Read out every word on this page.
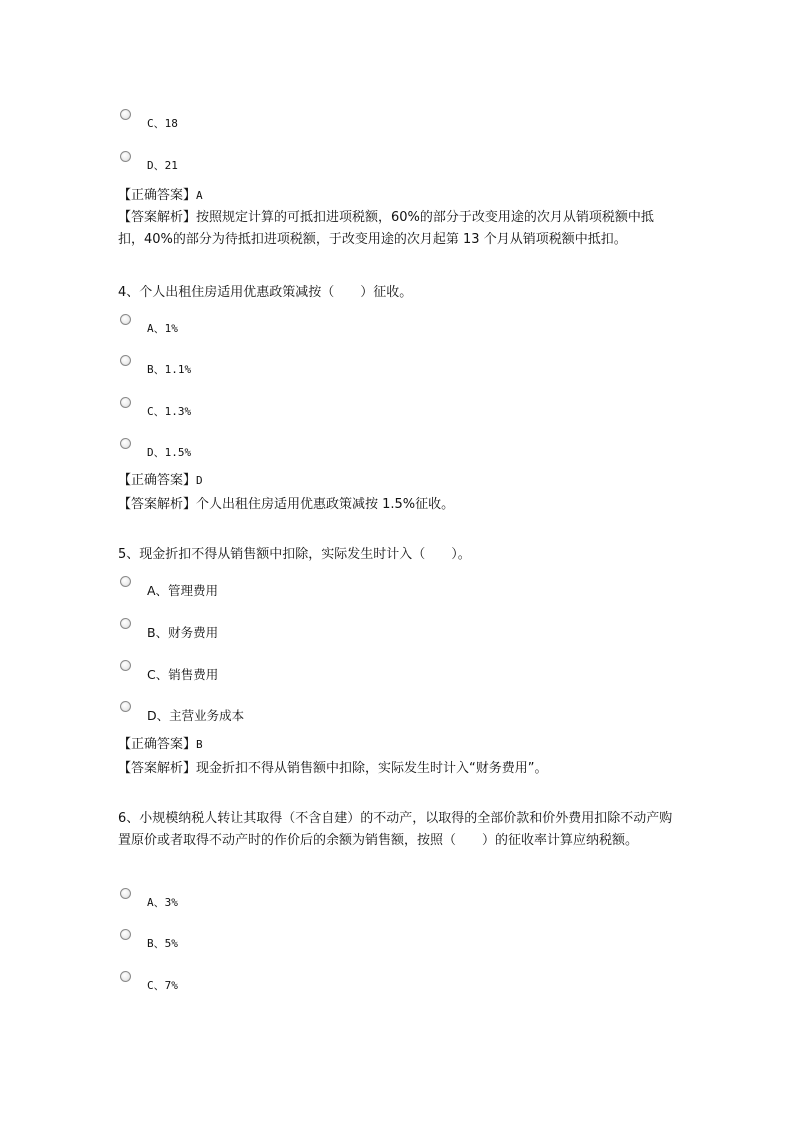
C、18
D、21
【正确答案】A
【答案解析】按照规定计算的可抵扣进项税额，60%的部分于改变用途的次月从销项税额中抵扣，40%的部分为待抵扣进项税额，于改变用途的次月起第 13 个月从销项税额中抵扣。
4、个人出租住房适用优惠政策减按（　　）征收。
A、1%
B、1.1%
C、1.3%
D、1.5%
【正确答案】D
【答案解析】个人出租住房适用优惠政策减按 1.5%征收。
5、现金折扣不得从销售额中扣除，实际发生时计入（　　）。
A、管理费用
B、财务费用
C、销售费用
D、主营业务成本
【正确答案】B
【答案解析】现金折扣不得从销售额中扣除，实际发生时计入“财务费用”。
6、小规模纳税人转让其取得（不含自建）的不动产，以取得的全部价款和价外费用扣除不动产购置原价或者取得不动产时的作价后的余额为销售额，按照（　　）的征收率计算应纳税额。
A、3%
B、5%
C、7%
